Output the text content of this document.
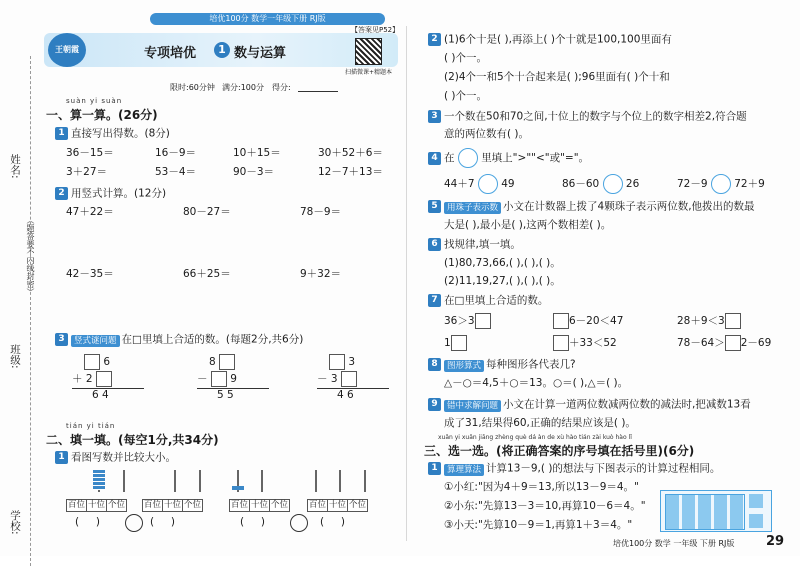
培优100分 数学一年级下册 RJ版
姓名:
（题答要不内线封密）
班级:
学校:
王朝霞	专项培优	1 数与运算
【答案见P52】
扫描微课+精题本
限时:60分钟 满分:100分 得分:
suàn yi suàn
一、算一算。(26分)
1 直接写出得数。(8分)
36－15＝	16－9＝	10＋15＝	30＋52＋6＝
3＋27＝	53－4＝	90－3＝	12－7＋13＝
2 用竖式计算。(12分)
47＋22＝	80－27＝	78－9＝
42－35＝	66＋25＝	9＋32＝
3 竖式谜问题 在□里填上合适的数。(每题2分,共6分)
6
＋ 2
6 4
8
－ 9
5 5
3
－ 3
4 6
tián yi tián
二、填一填。(每空1分,共34分)
1 看图写数并比较大小。
百位 十位 个位 百位 十位 个位	百位 十位 个位 百位 十位 个位
( )	( )	( )	( )
2 (1)6个十是( ),再添上( )个十就是100,100里面有
( )个一。
(2)4个一和5个十合起来是( );96里面有( )个十和
( )个一。
3 一个数在50和70之间,十位上的数字与个位上的数字相差2,符合题
意的两位数有( )。
4 在	里填上">""<"或"="。
44＋7	49	86－60	26	72－9	72＋9
5 用珠子表示数 小文在计数器上拨了4颗珠子表示两位数,他拨出的数最
大是( ),最小是( ),这两个数相差( )。
6 找规律,填一填。
(1)80,73,66,( ),( ),( )。
(2)11,19,27,( ),( ),( )。
7 在□里填上合适的数。
36＞3	6－20＜47	28＋9＜3
1	＋33＜52	78－64＞ 2－69
8 图形算式 每种图形各代表几?
△－○＝4,5＋○＝13。○＝( ),△＝( )。
9 错中求解问题 小文在计算一道两位数减两位数的减法时,把减数13看
成了31,结果得60,正确的结果应该是( )。
xuǎn yi xuǎn jiāng zhèng què dá àn de xù hào tián zài kuò hào lǐ
三、选一选。(将正确答案的序号填在括号里)(6分)
1 算理算法 计算13－9,( )的想法与下图表示的计算过程相同。
①小红:"因为4＋9＝13,所以13－9＝4。"
②小东:"先算13－3＝10,再算10－6＝4。"
③小天:"先算10－9＝1,再算1＋3＝4。"
培优100分 数学 一年级 下册 RJ版 29
